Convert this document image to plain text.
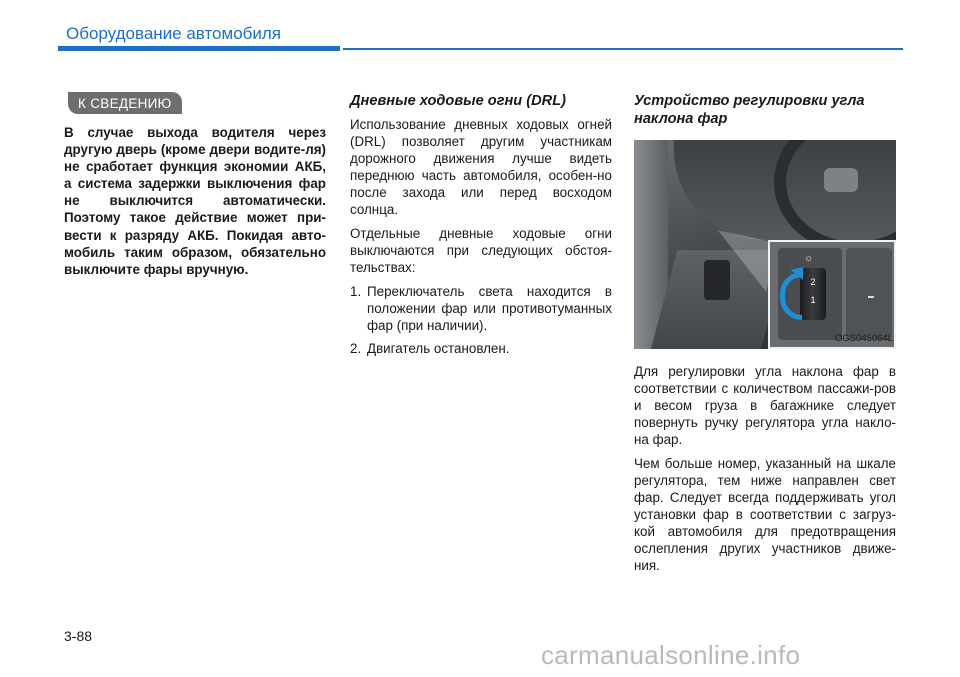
Оборудование автомобиля
К СВЕДЕНИЮ
В случае выхода водителя через другую дверь (кроме двери водите-ля) не сработает функция экономии АКБ, а система задержки выключения фар не выключится автоматически. Поэтому такое действие может при-вести к разряду АКБ. Покидая авто-мобиль таким образом, обязательно выключите фары вручную.
Дневные ходовые огни (DRL)

Использование дневных ходовых огней (DRL) позволяет другим участникам дорожного движения лучше видеть переднюю часть автомобиля, особен-но после захода или перед восходом солнца.

Отдельные дневные ходовые огни выключаются при следующих обстоя-тельствах:

1. Переключатель света находится в положении фар или противотуманных фар (при наличии).
2. Двигатель остановлен.
Устройство регулировки угла наклона фар
☼
2
1
OGS045064L

Для регулировки угла наклона фар в соответствии с количеством пассажи-ров и весом груза в багажнике следует повернуть ручку регулятора угла накло-на фар.

Чем больше номер, указанный на шкале регулятора, тем ниже направлен свет фар. Следует всегда поддерживать угол установки фар в соответствии с загруз-кой автомобиля для предотвращения ослепления других участников движе-ния.

3-88
carmanualsonline.info
